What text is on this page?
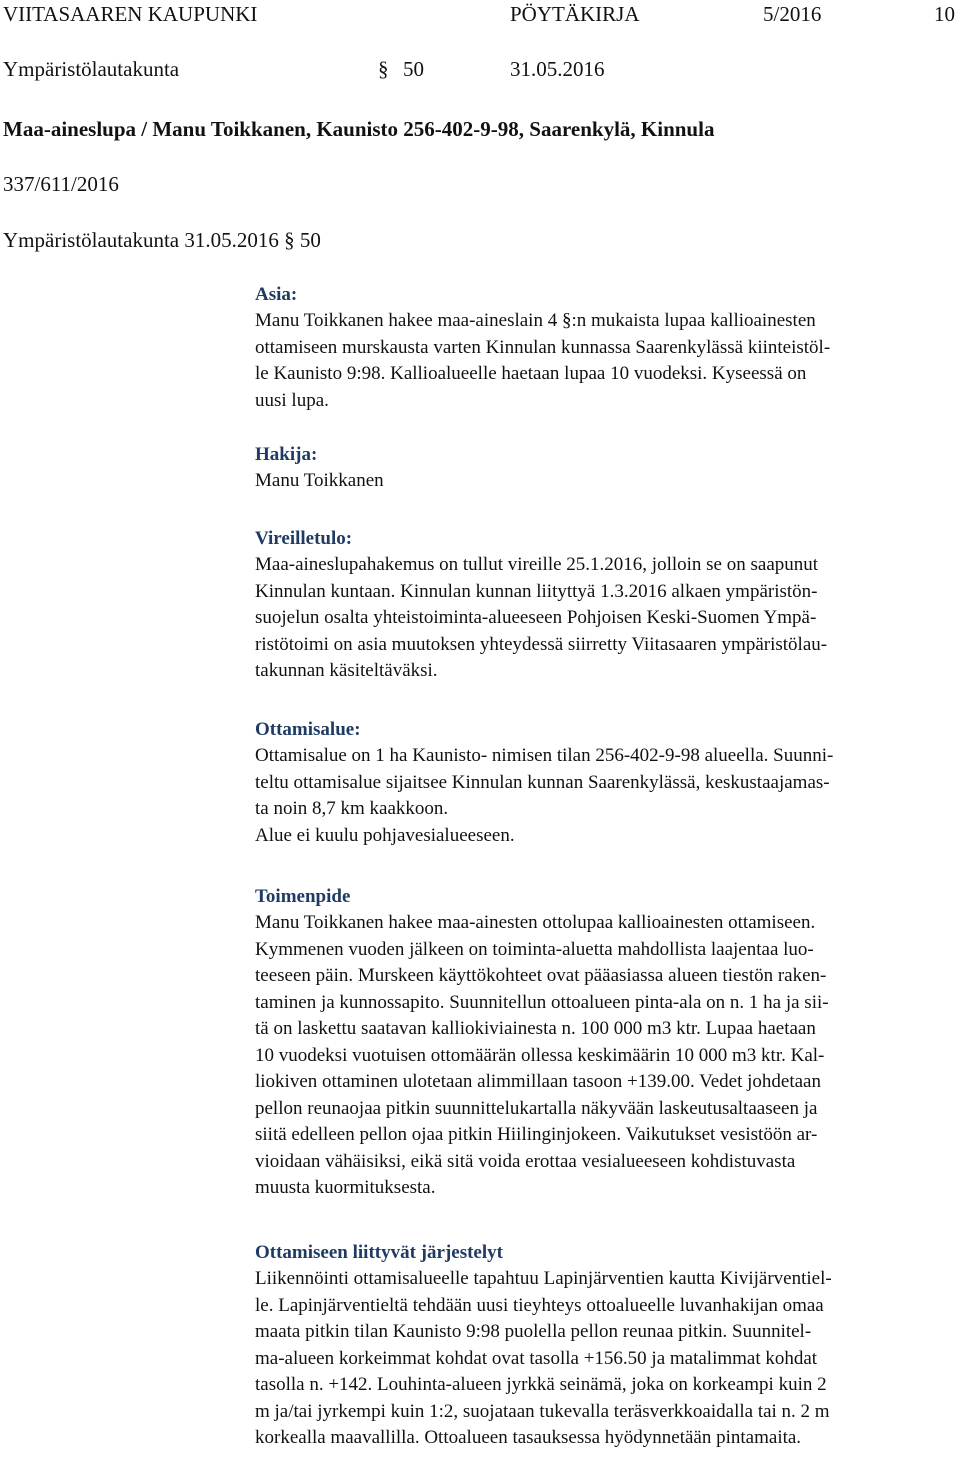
VIITASAAREN KAUPUNKI	PÖYTÄKIRJA	5/2016	10
Ympäristölautakunta	§ 50	31.05.2016
Maa-aineslupa / Manu Toikkanen, Kaunisto 256-402-9-98, Saarenkylä, Kinnula
337/611/2016
Ympäristölautakunta 31.05.2016 § 50
Asia:
Manu Toikkanen hakee maa-aineslain 4 §:n mukaista lupaa kallioainesten
ottamiseen murskausta varten Kinnulan kunnassa Saarenkylässä kiinteistöl-
le Kaunisto 9:98. Kallioalueelle haetaan lupaa 10 vuodeksi. Kyseessä on
uusi lupa.
Hakija:
Manu Toikkanen
Vireilletulo:
Maa-aineslupahakemus on tullut vireille 25.1.2016, jolloin se on saapunut
Kinnulan kuntaan. Kinnulan kunnan liityttyä 1.3.2016 alkaen ympäristön-
suojelun osalta yhteistoiminta-alueeseen Pohjoisen Keski-Suomen Ympä-
ristötoimi on asia muutoksen yhteydessä siirretty Viitasaaren ympäristölau-
takunnan käsiteltäväksi.
Ottamisalue:
Ottamisalue on 1 ha Kaunisto- nimisen tilan 256-402-9-98 alueella. Suunni-
teltu ottamisalue sijaitsee Kinnulan kunnan Saarenkylässä, keskustaajamas-
ta noin 8,7 km kaakkoon.
Alue ei kuulu pohjavesialueeseen.
Toimenpide
Manu Toikkanen hakee maa-ainesten ottolupaa kallioainesten ottamiseen.
Kymmenen vuoden jälkeen on toiminta-aluetta mahdollista laajentaa luo-
teeseen päin. Murskeen käyttökohteet ovat pääasiassa alueen tiestön raken-
taminen ja kunnossapito. Suunnitellun ottoalueen pinta-ala on n. 1 ha ja sii-
tä on laskettu saatavan kalliokiviainesta n. 100 000 m3 ktr. Lupaa haetaan
10 vuodeksi vuotuisen ottomäärän ollessa keskimäärin 10 000 m3 ktr. Kal-
liokiven ottaminen ulotetaan alimmillaan tasoon +139.00. Vedet johdetaan
pellon reunaojaa pitkin suunnittelukartalla näkyvään laskeutusaltaaseen ja
siitä edelleen pellon ojaa pitkin Hiilinginjokeen. Vaikutukset vesistöön ar-
vioidaan vähäisiksi, eikä sitä voida erottaa vesialueeseen kohdistuvasta
muusta kuormituksesta.
Ottamiseen liittyvät järjestelyt
Liikennöinti ottamisalueelle tapahtuu Lapinjärventien kautta Kivijärventiel-
le. Lapinjärventieltä tehdään uusi tieyhteys ottoalueelle luvanhakijan omaa
maata pitkin tilan Kaunisto 9:98 puolella pellon reunaa pitkin. Suunnitel-
ma-alueen korkeimmat kohdat ovat tasolla +156.50 ja matalimmat kohdat
tasolla n. +142. Louhinta-alueen jyrkkä seinämä, joka on korkeampi kuin 2
m ja/tai jyrkempi kuin 1:2, suojataan tukevalla teräsverkkoaidalla tai n. 2 m
korkealla maavallilla. Ottoalueen tasauksessa hyödynnetään pintamaita.
